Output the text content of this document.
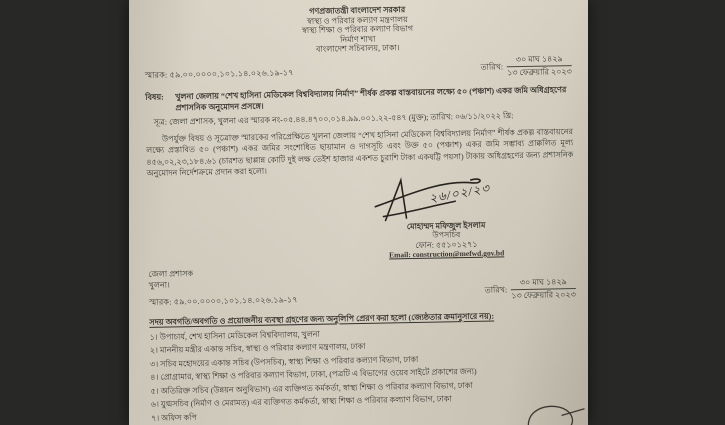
গণপ্রজাতন্ত্রী বাংলাদেশ সরকার
স্বাস্থ্য ও পরিবার কল্যাণ মন্ত্রণালয়
স্বাস্থ্য শিক্ষা ও পরিবার কল্যাণ বিভাগ
নির্মাণ শাখা
বাংলাদেশ সচিবালয়, ঢাকা।
স্মারক: ৫৯.০০.০০০০.১০১.১৪.০২৬.১৯-১৭
তারিখ: $\frac{\text{৩০ মাঘ ১৪২৯}}{\text{১৩ ফেব্রুয়ারি ২০২৩}}$
বিষয়:	খুলনা জেলায় “শেখ হাসিনা মেডিকেল বিশ্ববিদ্যালয় নির্মাণ” শীর্ষক প্রকল্প বাস্তবায়নের লক্ষ্যে ৫০ (পঞ্চাশ) একর জমি অধিগ্রহণের প্রশাসনিক অনুমোদন প্রসঙ্গে।
সূত্র: জেলা প্রশাসক, খুলনা এর স্মারক নং-০৫.৪৪.৪৭০০.০১৪.৯৯.০০১.২২-৫৪৭ (মুক্ত); তারিখ: ০৬/১১/২০২২ খ্রি:

উপর্যুক্ত বিষয় ও সূত্রোক্ত স্মারকের পরিপ্রেক্ষিতে খুলনা জেলায় “শেখ হাসিনা মেডিকেল বিশ্ববিদ্যালয় নির্মাণ” শীর্ষক প্রকল্প বাস্তবায়নের লক্ষ্যে প্রস্তাবিত ৫০ (পঞ্চাশ) একর জমির সংশোধিত ছায়ামান ও দাগসূচি এবং উক্ত ৫০ (পঞ্চাশ) একর জমি সম্ভাব্য প্রাক্কলিত মূল্য ৪৫৬,০২,২৩,১৮৪.৬১ (চারশত ছাপ্পান্ন কোটি দুই লক্ষ তেইশ হাজার একশত চুরাশি টাকা একষট্টি পয়সা) টাকায় অধিগ্রহণের জন্য প্রশাসনিক অনুমোদন নির্দেশক্রমে প্রদান করা হলো।

২৬/০২/২৩
মোহাম্মদ মফিজুল ইসলাম
উপসচিব
ফোন: ৫৫১০১২৭১
Email: construction@mefwd.gov.bd
জেলা প্রশাসক
খুলনা।
স্মারক: ৫৯.০০.০০০০.১০১.১৪.০২৬.১৯-১৭
তারিখ: $\frac{\text{৩০ মাঘ ১৪২৯}}{\text{১৩ ফেব্রুয়ারি ২০২৩}}$
সদয় অবগতি/অবগতি ও প্রয়োজনীয় ব্যবস্থা গ্রহণের জন্য অনুলিপি প্রেরণ করা হলো (জ্যেষ্ঠতার ক্রমানুসারে নয়):
১। উপাচার্য, শেখ হাসিনা মেডিকেল বিশ্ববিদ্যালয়, খুলনা
২। মাননীয় মন্ত্রীর একান্ত সচিব, স্বাস্থ্য ও পরিবার কল্যাণ মন্ত্রণালয়, ঢাকা
৩। সচিব মহোদয়ের একান্ত সচিব (উপসচিব), স্বাস্থ্য শিক্ষা ও পরিবার কল্যাণ বিভাগ, ঢাকা
৪। প্রোগ্রামার, স্বাস্থ্য শিক্ষা ও পরিবার কল্যাণ বিভাগ, ঢাকা, (পত্রটি এ বিভাগের ওয়েব সাইটে প্রকাশের জন্য)
৫। অতিরিক্ত সচিব (উন্নয়ন অনুবিভাগ) এর ব্যক্তিগত কর্মকর্তা, স্বাস্থ্য শিক্ষা ও পরিবার কল্যাণ বিভাগ, ঢাকা
৬। যুগ্মসচিব (নির্মাণ ও মেরামত) এর ব্যক্তিগত কর্মকর্তা, স্বাস্থ্য শিক্ষা ও পরিবার কল্যাণ বিভাগ, ঢাকা
৭। অফিস কপি
